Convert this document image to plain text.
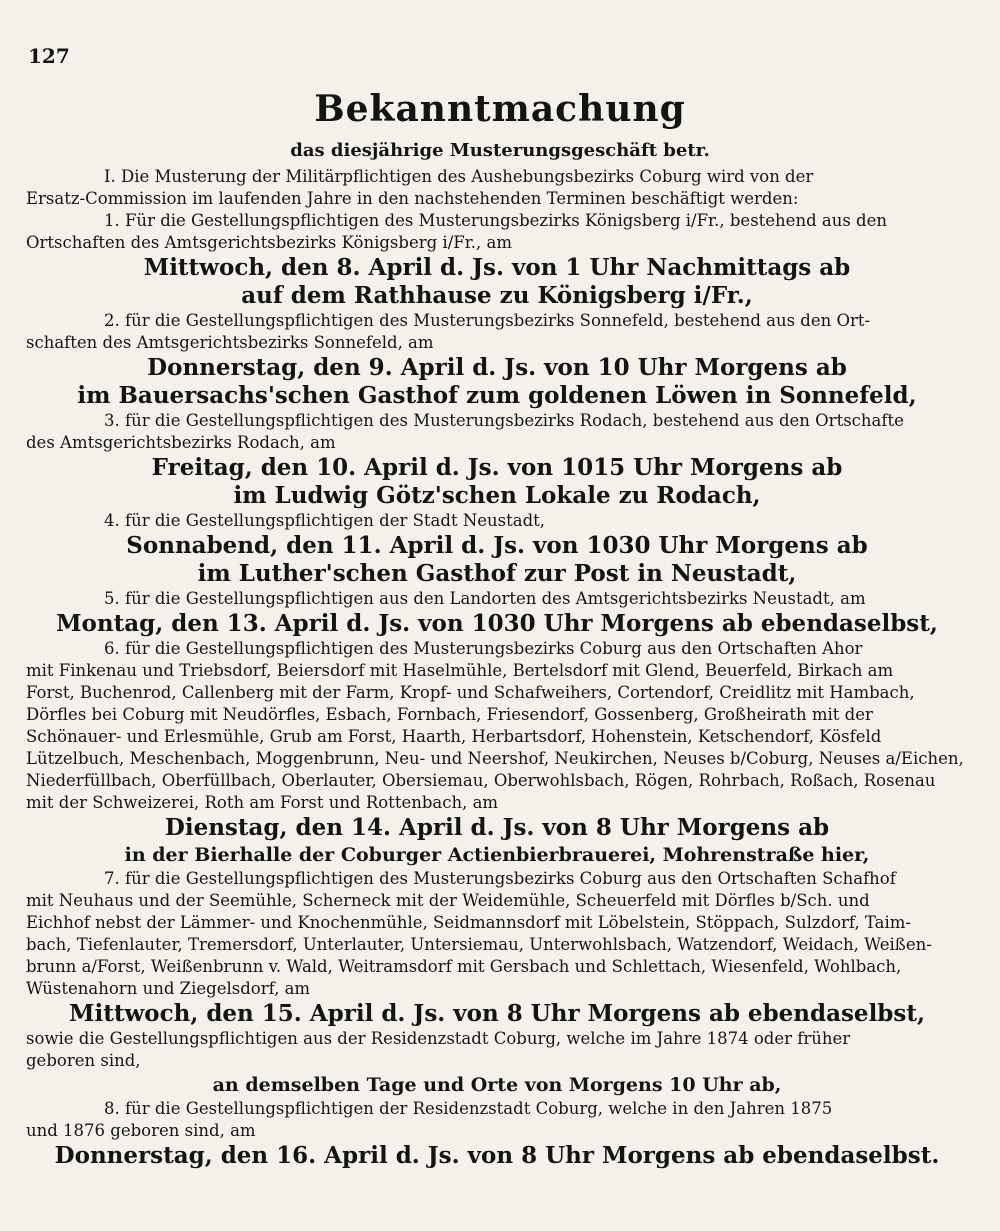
127
Bekanntmachung
das diesjährige Musterungsgeschäft betr.
I. Die Musterung der Militärpflichtigen des Aushebungsbezirks Coburg wird von der
Ersatz-Commission im laufenden Jahre in den nachstehenden Terminen beschäftigt werden:
1. Für die Gestellungspflichtigen des Musterungsbezirks Königsberg i/Fr., bestehend aus den
Ortschaften des Amtsgerichtsbezirks Königsberg i/Fr., am
Mittwoch, den 8. April d. Js. von 1 Uhr Nachmittags ab
auf dem Rathhause zu Königsberg i/Fr.,
2. für die Gestellungspflichtigen des Musterungsbezirks Sonnefeld, bestehend aus den Ort-
schaften des Amtsgerichtsbezirks Sonnefeld, am
Donnerstag, den 9. April d. Js. von 10 Uhr Morgens ab
im Bauersachs'schen Gasthof zum goldenen Löwen in Sonnefeld,
3. für die Gestellungspflichtigen des Musterungsbezirks Rodach, bestehend aus den Ortschafte
des Amtsgerichtsbezirks Rodach, am
Freitag, den 10. April d. Js. von 1015 Uhr Morgens ab
im Ludwig Götz'schen Lokale zu Rodach,
4. für die Gestellungspflichtigen der Stadt Neustadt,
Sonnabend, den 11. April d. Js. von 1030 Uhr Morgens ab
im Luther'schen Gasthof zur Post in Neustadt,
5. für die Gestellungspflichtigen aus den Landorten des Amtsgerichtsbezirks Neustadt, am
Montag, den 13. April d. Js. von 1030 Uhr Morgens ab ebendaselbst,
6. für die Gestellungspflichtigen des Musterungsbezirks Coburg aus den Ortschaften Ahor
mit Finkenau und Triebsdorf, Beiersdorf mit Haselmühle, Bertelsdorf mit Glend, Beuerfeld, Birkach am
Forst, Buchenrod, Callenberg mit der Farm, Kropf- und Schafweihers, Cortendorf, Creidlitz mit Hambach,
Dörfles bei Coburg mit Neudörfles, Esbach, Fornbach, Friesendorf, Gossenberg, Großheirath mit der
Schönauer- und Erlesmühle, Grub am Forst, Haarth, Herbartsdorf, Hohenstein, Ketschendorf, Kösfeld
Lützelbuch, Meschenbach, Moggenbrunn, Neu- und Neershof, Neukirchen, Neuses b/Coburg, Neuses a/Eichen,
Niederfüllbach, Oberfüllbach, Oberlauter, Obersiemau, Oberwohlsbach, Rögen, Rohrbach, Roßach, Rosenau
mit der Schweizerei, Roth am Forst und Rottenbach, am
Dienstag, den 14. April d. Js. von 8 Uhr Morgens ab
in der Bierhalle der Coburger Actienbierbrauerei, Mohrenstraße hier,
7. für die Gestellungspflichtigen des Musterungsbezirks Coburg aus den Ortschaften Schafhof
mit Neuhaus und der Seemühle, Scherneck mit der Weidemühle, Scheuerfeld mit Dörfles b/Sch. und
Eichhof nebst der Lämmer- und Knochenmühle, Seidmannsdorf mit Löbelstein, Stöppach, Sulzdorf, Taim-
bach, Tiefenlauter, Tremersdorf, Unterlauter, Untersiemau, Unterwohlsbach, Watzendorf, Weidach, Weißen-
brunn a/Forst, Weißenbrunn v. Wald, Weitramsdorf mit Gersbach und Schlettach, Wiesenfeld, Wohlbach,
Wüstenahorn und Ziegelsdorf, am
Mittwoch, den 15. April d. Js. von 8 Uhr Morgens ab ebendaselbst,
sowie die Gestellungspflichtigen aus der Residenzstadt Coburg, welche im Jahre 1874 oder früher
geboren sind,
an demselben Tage und Orte von Morgens 10 Uhr ab,
8. für die Gestellungspflichtigen der Residenzstadt Coburg, welche in den Jahren 1875
und 1876 geboren sind, am
Donnerstag, den 16. April d. Js. von 8 Uhr Morgens ab ebendaselbst.
